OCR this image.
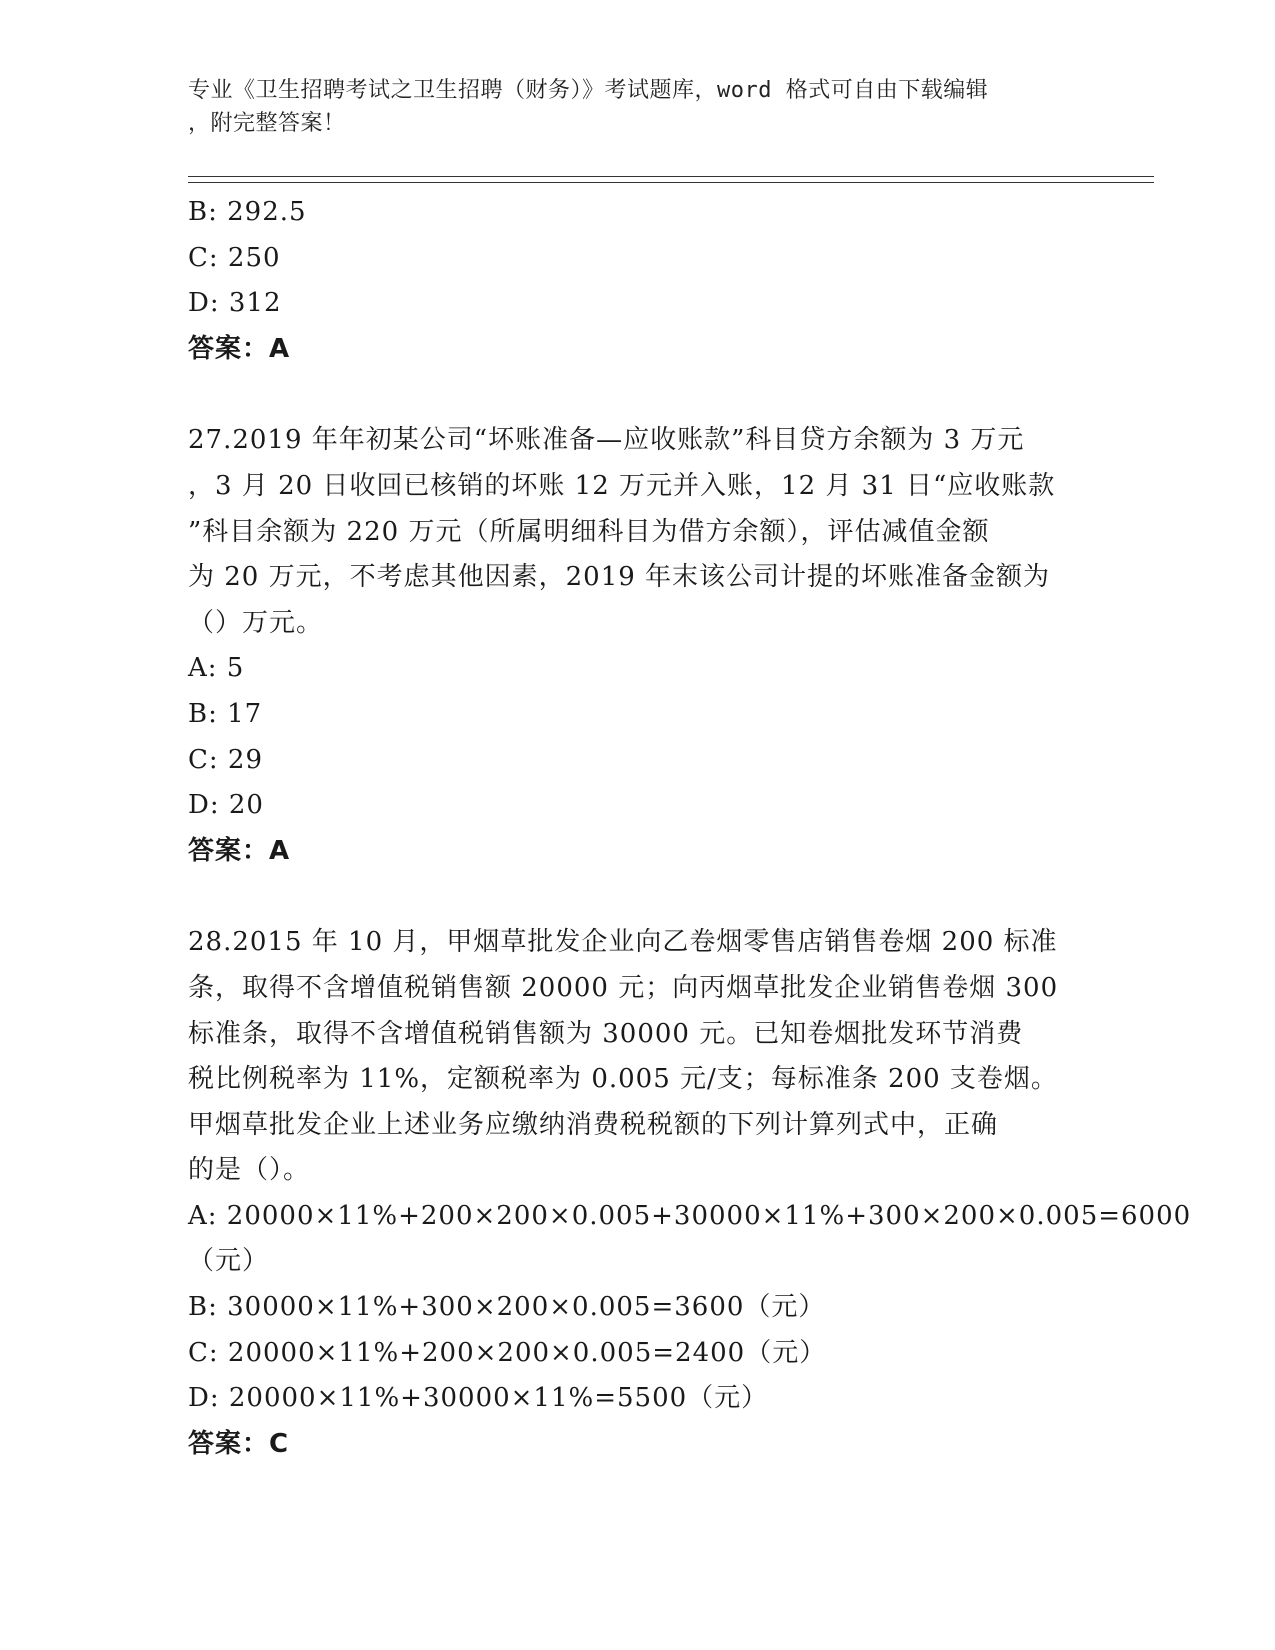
专业《卫生招聘考试之卫生招聘（财务）》考试题库，word 格式可自由下载编辑
，附完整答案！
B: 292.5
C: 250
D: 312
答案：A
27.2019 年年初某公司“坏账准备—应收账款”科目贷方余额为 3 万元
，3 月 20 日收回已核销的坏账 12 万元并入账，12 月 31 日“应收账款
”科目余额为 220 万元（所属明细科目为借方余额），评估减值金额
为 20 万元，不考虑其他因素，2019 年末该公司计提的坏账准备金额为
（）万元。
A: 5
B: 17
C: 29
D: 20
答案：A
28.2015 年 10 月，甲烟草批发企业向乙卷烟零售店销售卷烟 200 标准
条，取得不含增值税销售额 20000 元；向丙烟草批发企业销售卷烟 300
标准条，取得不含增值税销售额为 30000 元。已知卷烟批发环节消费
税比例税率为 11%，定额税率为 0.005 元/支；每标准条 200 支卷烟。
甲烟草批发企业上述业务应缴纳消费税税额的下列计算列式中，正确
的是（）。
A: 20000×11%+200×200×0.005+30000×11%+300×200×0.005=6000
（元）
B: 30000×11%+300×200×0.005=3600（元）
C: 20000×11%+200×200×0.005=2400（元）
D: 20000×11%+30000×11%=5500（元）
答案：C
